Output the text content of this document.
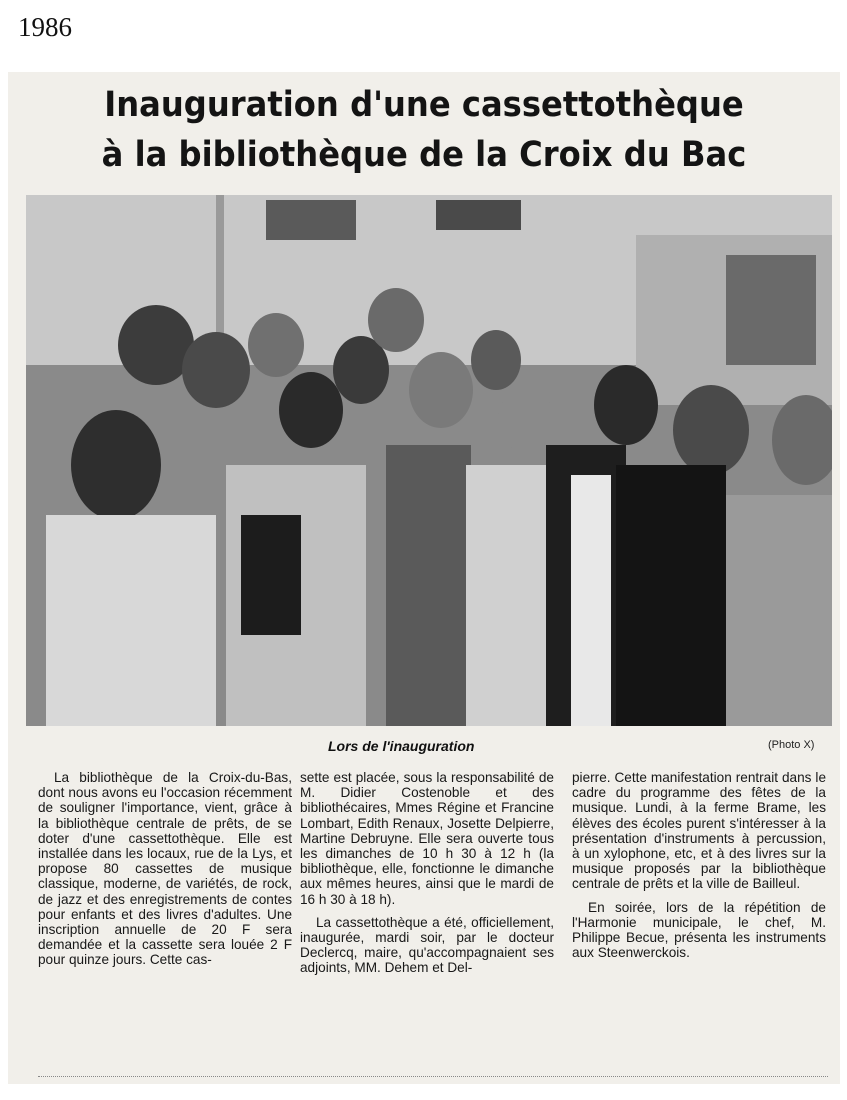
1986
Inauguration d'une cassettothèque
à la bibliothèque de la Croix du Bac
Lors de l'inauguration	(Photo X)

La bibliothèque de la Croix-du-Bas, dont nous avons eu l'occasion récemment de souligner l'importance, vient, grâce à la bibliothèque centrale de prêts, de se doter d'une cassettothèque. Elle est installée dans les locaux, rue de la Lys, et propose 80 cassettes de musique classique, moderne, de variétés, de rock, de jazz et des enregistrements de contes pour enfants et des livres d'adultes. Une inscription annuelle de 20 F sera demandée et la cassette sera louée 2 F pour quinze jours. Cette cas-

sette est placée, sous la responsabilité de M. Didier Costenoble et des bibliothécaires, Mmes Régine et Francine Lombart, Edith Renaux, Josette Delpierre, Martine Debruyne. Elle sera ouverte tous les dimanches de 10 h 30 à 12 h (la bibliothèque, elle, fonctionne le dimanche aux mêmes heures, ainsi que le mardi de 16 h 30 à 18 h).

La cassettothèque a été, officiellement, inaugurée, mardi soir, par le docteur Declercq, maire, qu'accompagnaient ses adjoints, MM. Dehem et Del-

pierre. Cette manifestation rentrait dans le cadre du programme des fêtes de la musique. Lundi, à la ferme Brame, les élèves des écoles purent s'intéresser à la présentation d'instruments à percussion, à un xylophone, etc, et à des livres sur la musique proposés par la bibliothèque centrale de prêts et la ville de Bailleul.

En soirée, lors de la répétition de l'Harmonie municipale, le chef, M. Philippe Becue, présenta les instruments aux Steenwerckois.
